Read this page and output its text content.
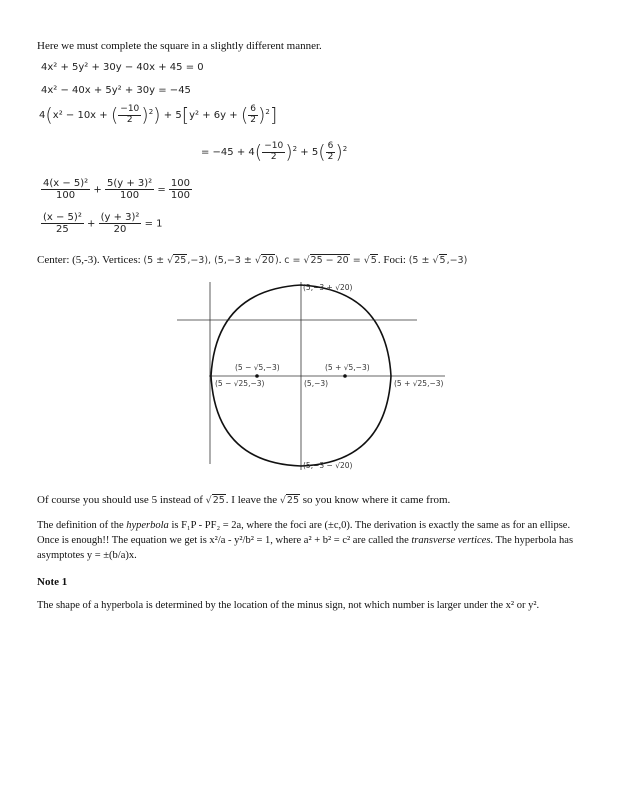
Here we must complete the square in a slightly different manner.
4x² + 5y² + 30y − 40x + 45 = 0
4x² − 40x + 5y² + 30y = −45
4(x² − 10x + ( $\frac{-10}{2} )^2) + 5[y^2 + 6y$ + ( $\frac{6}{2} )^2$]
= $-45 + 4( \frac{-10}{2} )^2 + 5( \frac{6}{2} )^2$
$\frac{\text{4(x − 5)²}}{100} + \frac{\text{5(y + 3)²}}{100} = \frac{100}{100}$
$\frac{\text{(x − 5)²}}{25} + \frac{\text{(y + 3)²}}{20} = 1$
Center: (5,-3). Vertices: (5 ± √25,−3), (5,−3 ± √20). c = √25 − 20 = √5. Foci: (5 ± √5,−3)
(5,−3 + √20)
(5,−3 − √20)
(5 − √5,−3)	(5 + √5,−3)
(5 − √25,−3)	(5,−3)	(5 + √25,−3)
Of course you should use 5 instead of √25. I leave the √25 so you know where it came from.
The definition of the hyperbola is F₁P - PF₂ = 2a, where the foci are (±c,0). The derivation is exactly the same as for an ellipse. Once is enough!! The equation we get is x²/a - y²/b² = 1, where a² + b² = c² are called the transverse vertices. The hyperbola has asymptotes y = ±(b/a)x.
Note 1
The shape of a hyperbola is determined by the location of the minus sign, not which number is larger under the x² or y².
